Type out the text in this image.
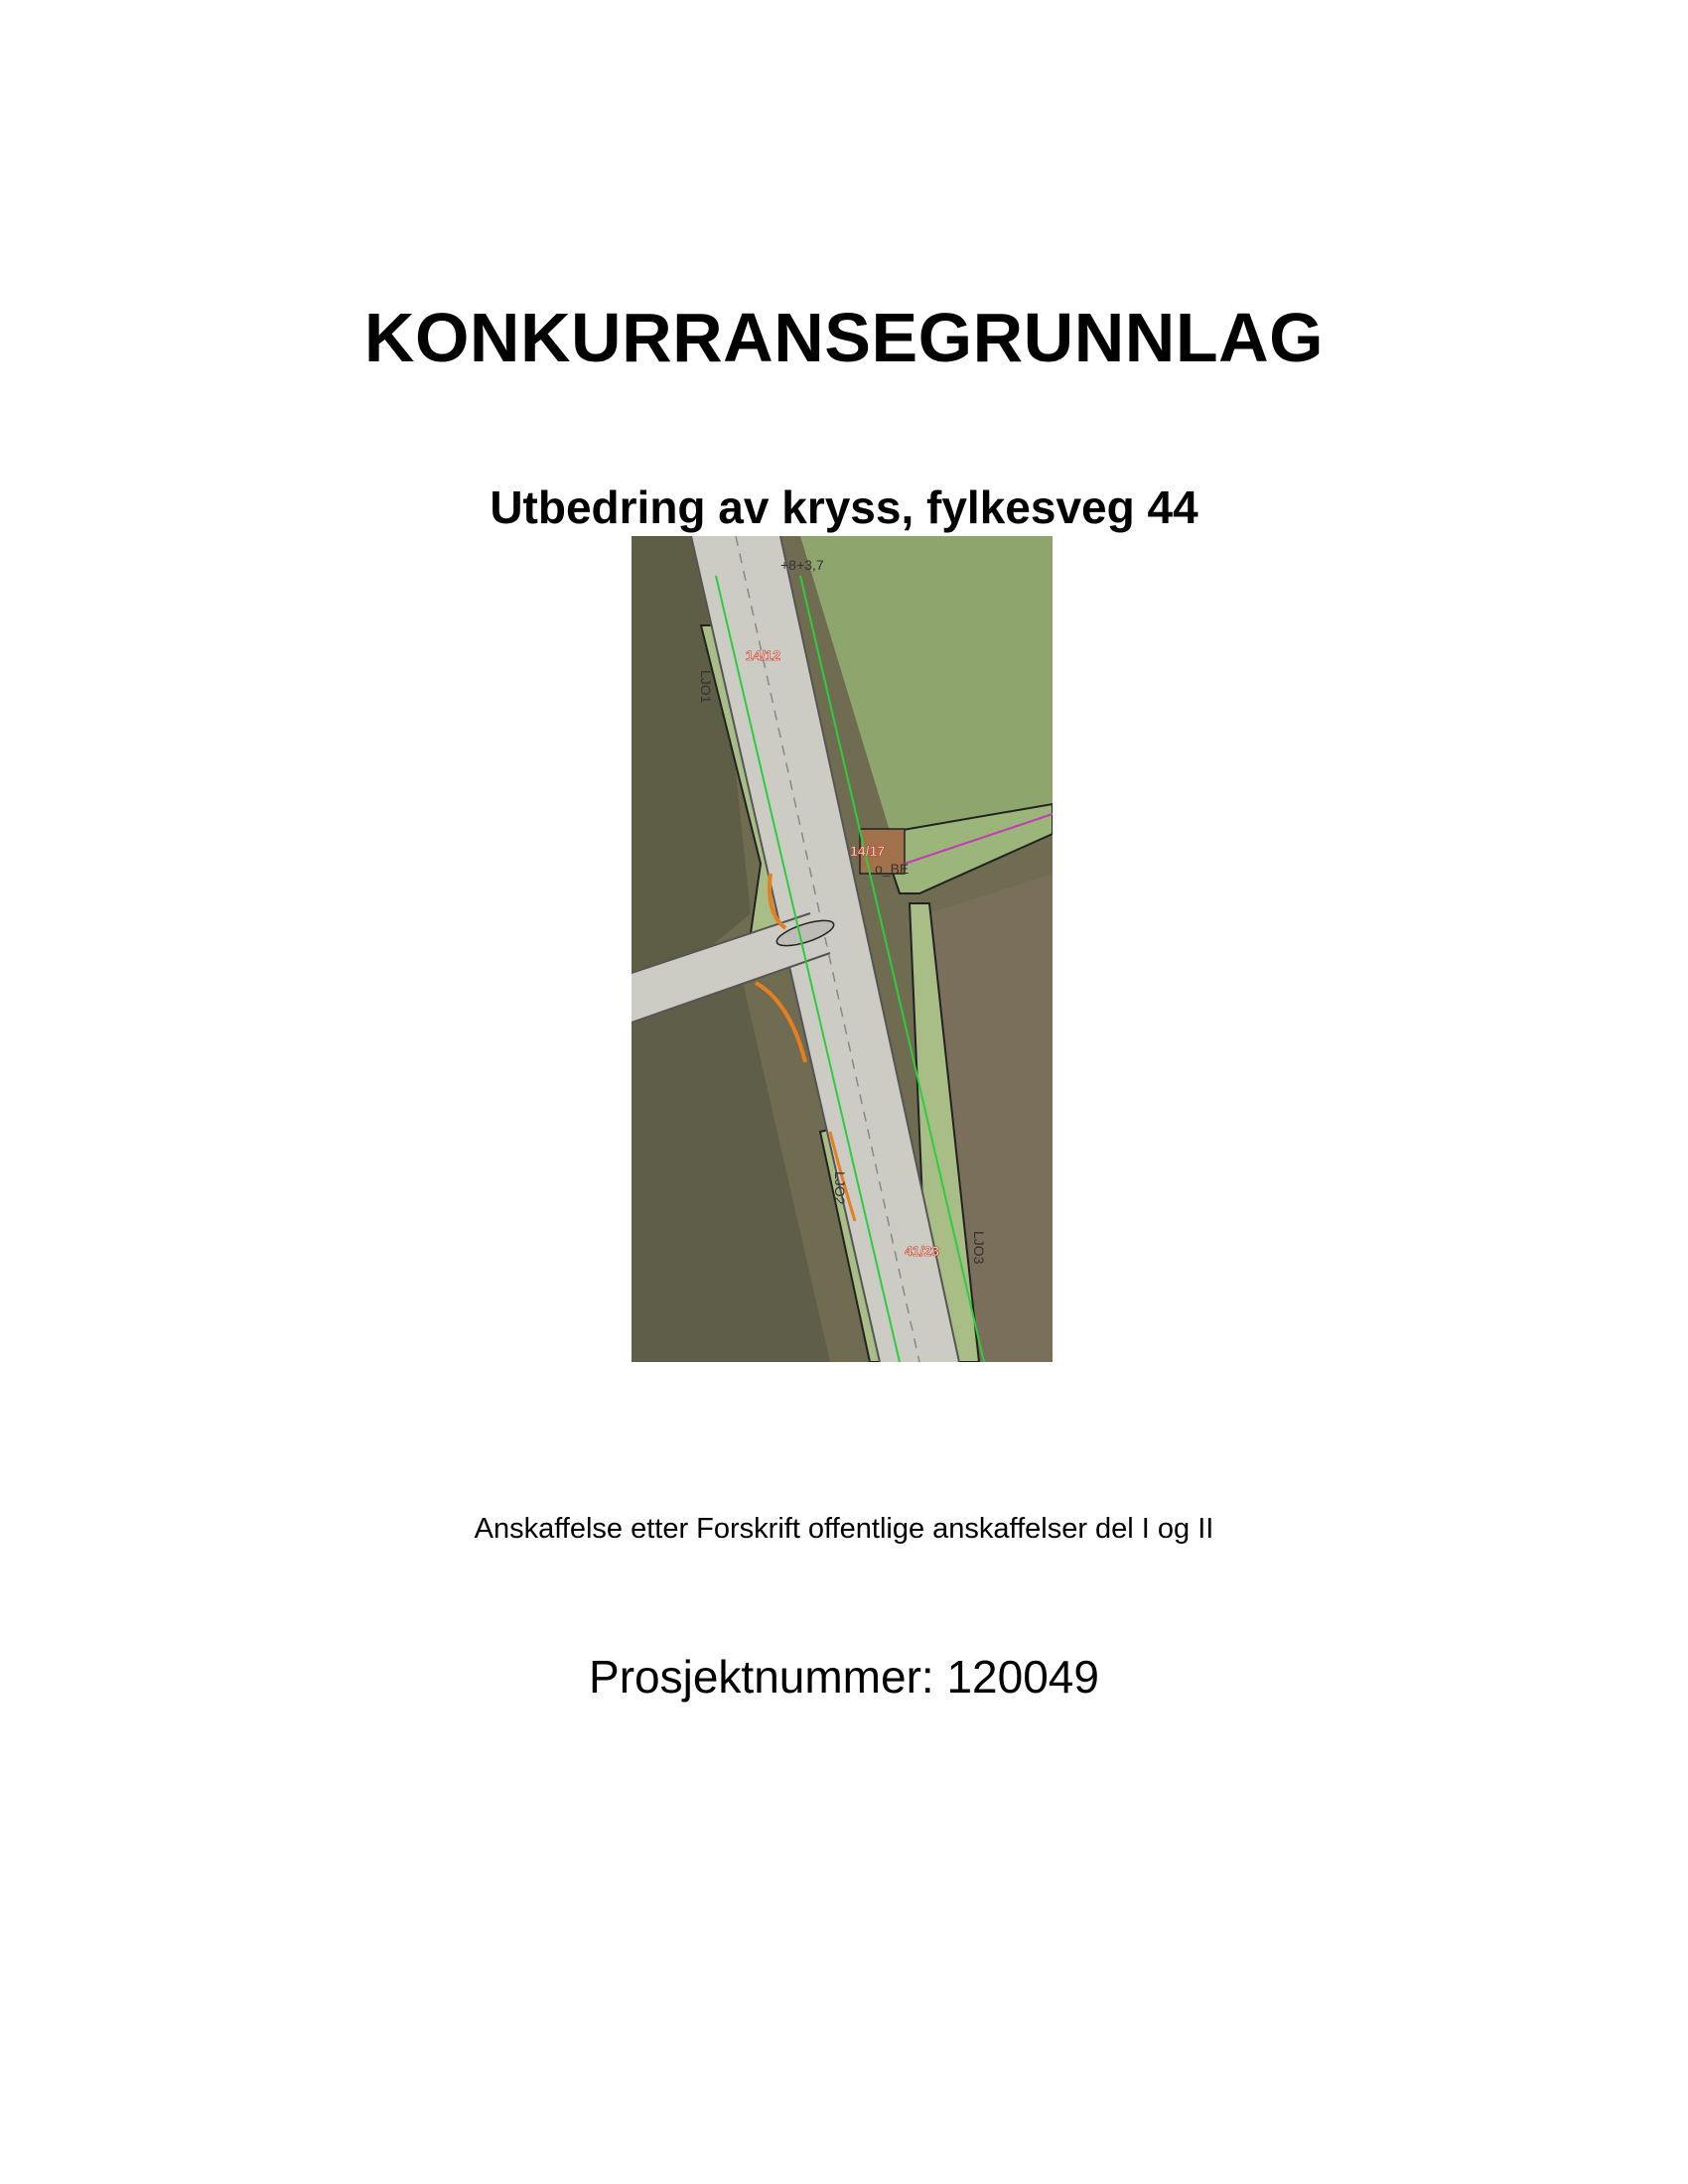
KONKURRANSEGRUNNLAG
Utbedring av kryss, fylkesveg 44
14/12
14/17
41/23
LJO1
LJO2
LJO3
o_BE
+8+3,7
Anskaffelse etter Forskrift offentlige anskaffelser del I og II
Prosjektnummer: 120049
